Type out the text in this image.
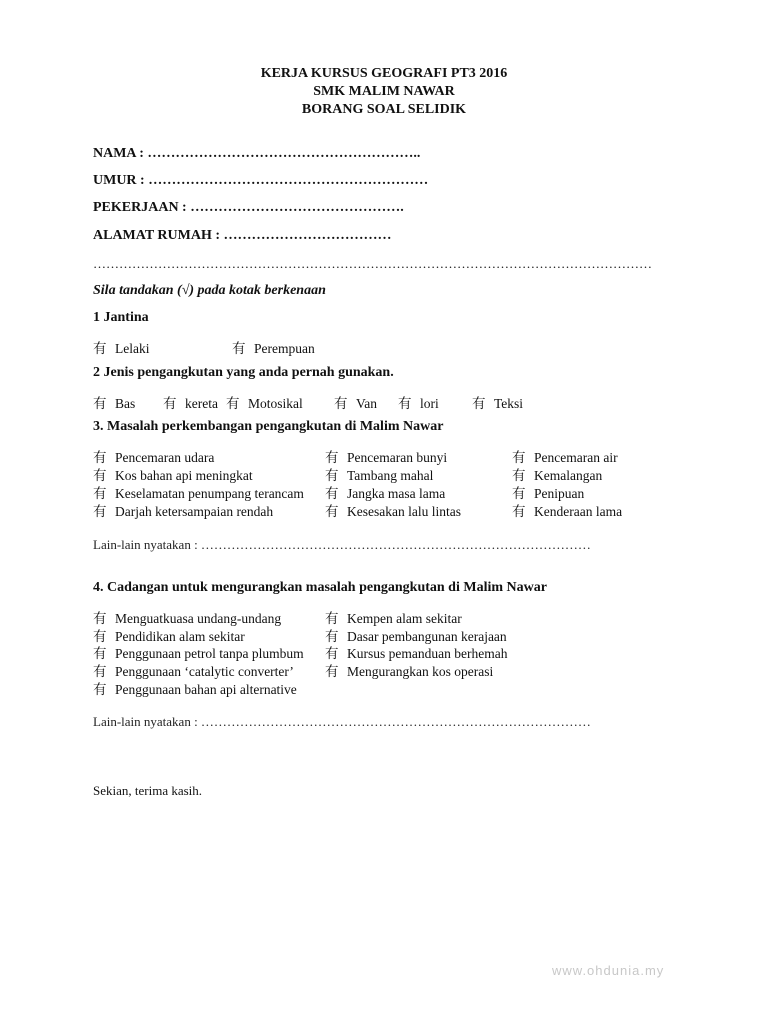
KERJA KURSUS GEOGRAFI PT3 2016
SMK MALIM NAWAR
BORANG SOAL SELIDIK
NAMA : …………………………………………………..
UMUR : ……………………………………………………
PEKERJAAN : ……………………………………….
ALAMAT RUMAH : ………………………………
…………………………………………………………………………………………………………………
Sila tandakan (√) pada kotak berkenaan
1 Jantina
有 Lelaki	有 Perempuan
2 Jenis pengangkutan yang anda pernah gunakan.
有 Bas 有 kereta 有 Motosikal 有 Van 有 lori 有 Teksi
3. Masalah perkembangan pengangkutan di Malim Nawar
有 Pencemaran udara	有 Pencemaran bunyi	有 Pencemaran air
有 Kos bahan api meningkat	有 Tambang mahal	有 Kemalangan
有 Keselamatan penumpang terancam 有 Jangka masa lama	有 Penipuan
有 Darjah ketersampaian rendah	有 Kesesakan lalu lintas	有 Kenderaan lama
Lain-lain nyatakan : ………………………………………………………………………………
4. Cadangan untuk mengurangkan masalah pengangkutan di Malim Nawar
有 Menguatkuasa undang-undang	有 Kempen alam sekitar
有 Pendidikan alam sekitar	有 Dasar pembangunan kerajaan
有 Penggunaan petrol tanpa plumbum 有 Kursus pemanduan berhemah
有 Penggunaan ‘catalytic converter’ 有 Mengurangkan kos operasi
有 Penggunaan bahan api alternative
Lain-lain nyatakan : ………………………………………………………………………………
Sekian, terima kasih.
www.ohdunia.my
